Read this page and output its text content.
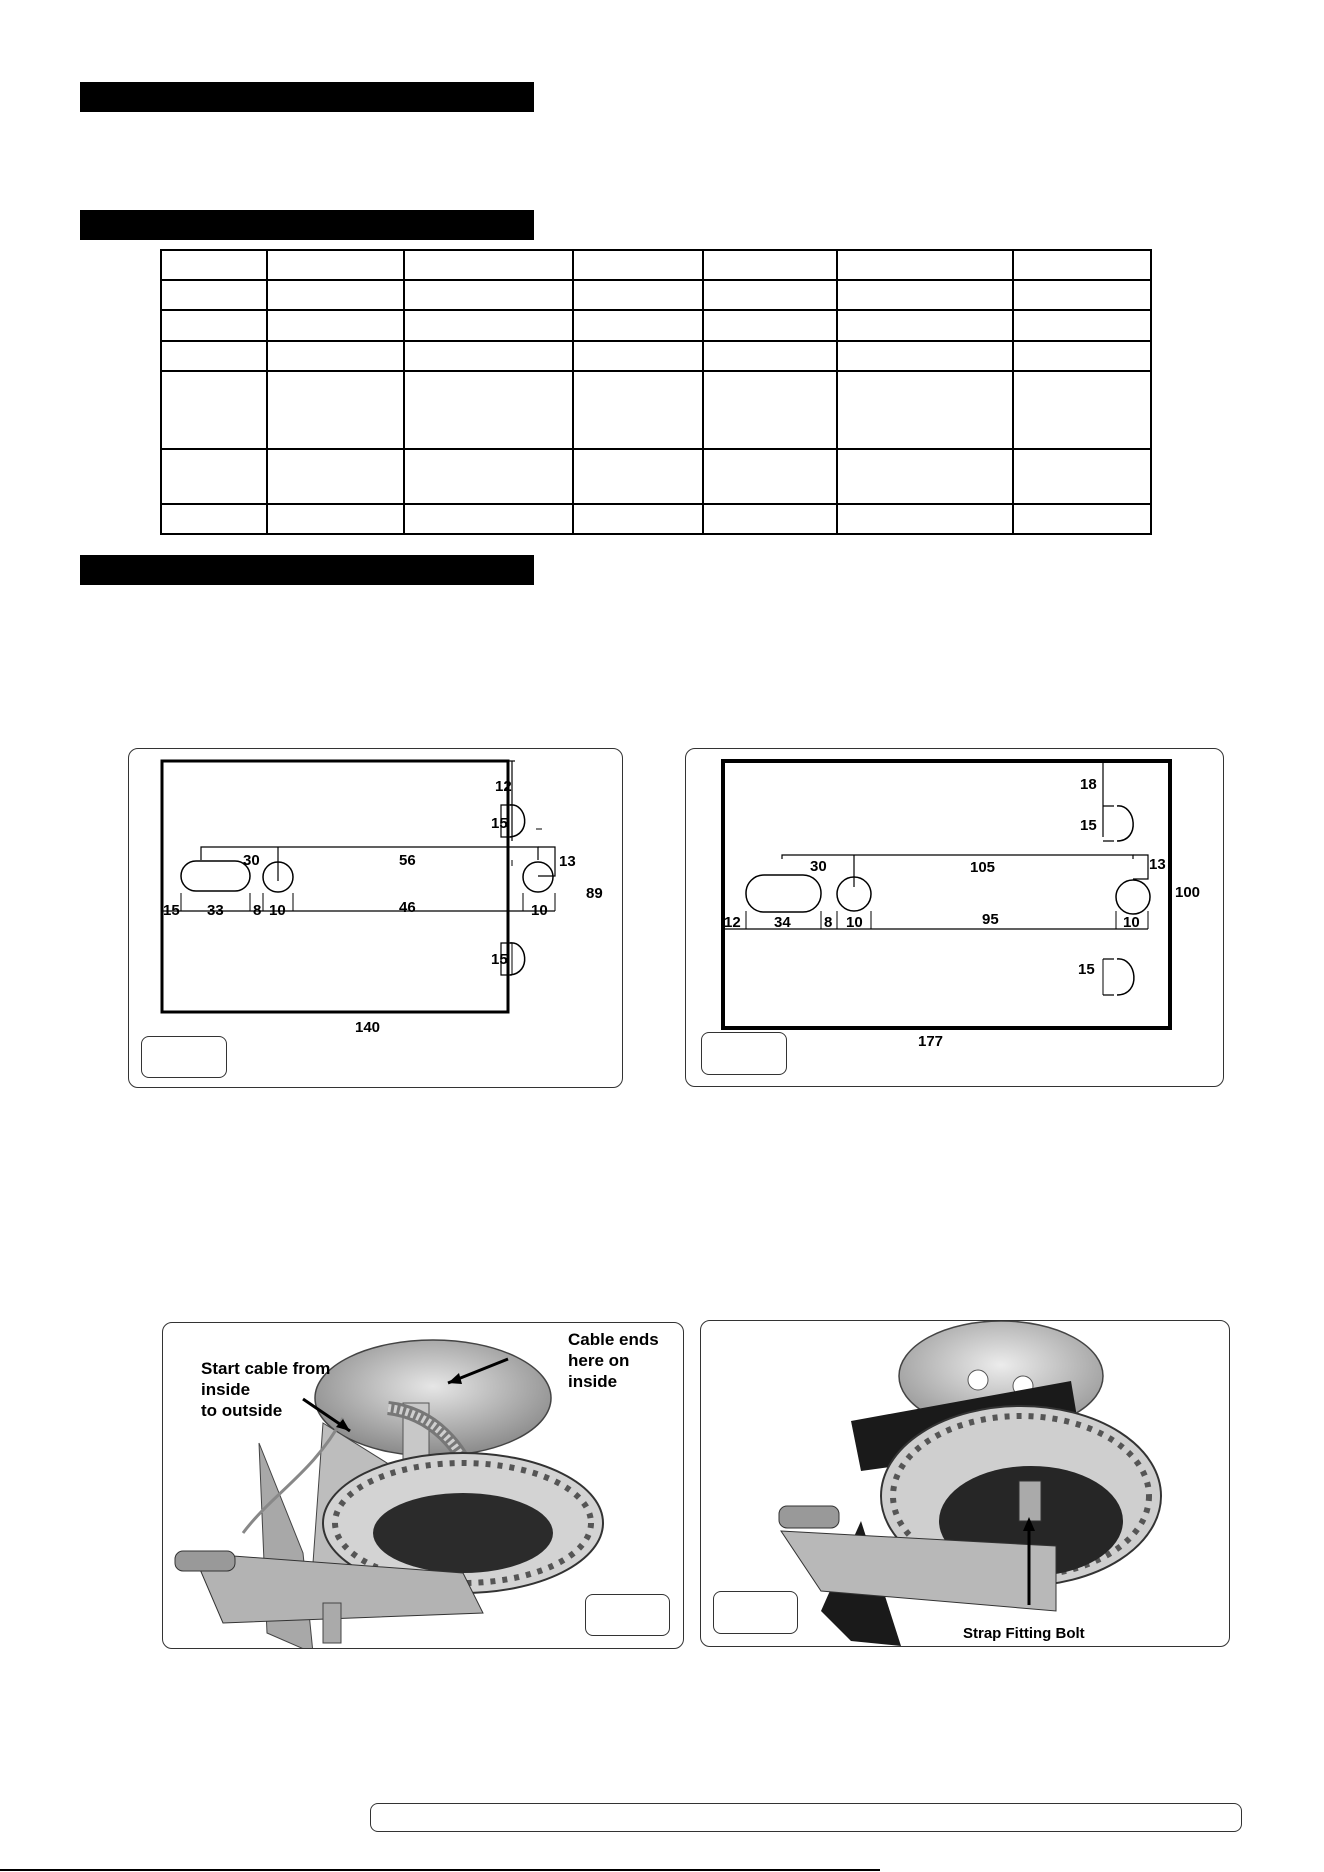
12
15
30	56	13
89
15 33 8 10	46	10
15
140
18
15
30	105	13
100
12 34 8 10	95	10
15
177
Start cable from
inside
to outside
Cable ends
here on
inside
Strap Fitting Bolt
